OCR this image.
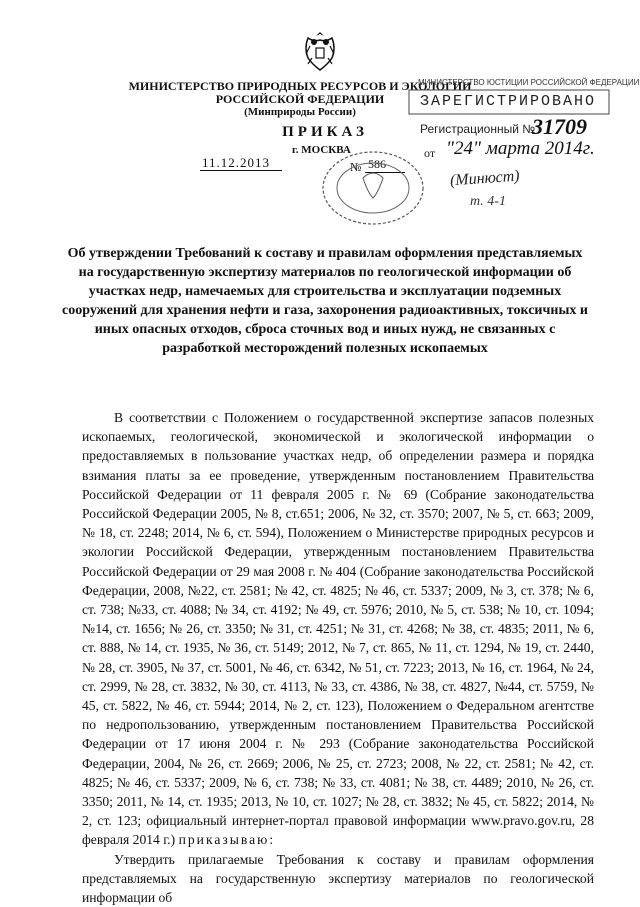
МИНИСТЕРСТВО ПРИРОДНЫХ РЕСУРСОВ И ЭКОЛОГИИ
РОССИЙСКОЙ ФЕДЕРАЦИИ
(Минприроды России)
ПРИКАЗ
г. МОСКВА
11.12.2013	№ 586
МИНИСТЕРСТВО ЮСТИЦИИ РОССИЙСКОЙ ФЕДЕРАЦИИ
ЗАРЕГИСТРИРОВАНО
Регистрационный №
31709
от "24" марта 2014г.
(Минюст)
т. 4-1
Об утверждении Требований к составу и правилам оформления представляемых на государственную экспертизу материалов по геологической информации об участках недр, намечаемых для строительства и эксплуатации подземных сооружений для хранения нефти и газа, захоронения радиоактивных, токсичных и иных опасных отходов, сброса сточных вод и иных нужд, не связанных с разработкой месторождений полезных ископаемых

В соответствии с Положением о государственной экспертизе запасов полезных ископаемых, геологической, экономической и экологической информации о предоставляемых в пользование участках недр, об определении размера и порядка взимания платы за ее проведение, утвержденным постановлением Правительства Российской Федерации от 11 февраля 2005 г. № 69 (Собрание законодательства Российской Федерации 2005, № 8, ст.651; 2006, № 32, ст. 3570; 2007, № 5, ст. 663; 2009, № 18, ст. 2248; 2014, № 6, ст. 594), Положением о Министерстве природных ресурсов и экологии Российской Федерации, утвержденным постановлением Правительства Российской Федерации от 29 мая 2008 г. № 404 (Собрание законодательства Российской Федерации, 2008, №22, ст. 2581; № 42, ст. 4825; № 46, ст. 5337; 2009, № 3, ст. 378; № 6, ст. 738; №33, ст. 4088; № 34, ст. 4192; № 49, ст. 5976; 2010, № 5, ст. 538; № 10, ст. 1094; №14, ст. 1656; № 26, ст. 3350; № 31, ст. 4251; № 31, ст. 4268; № 38, ст. 4835; 2011, № 6, ст. 888, № 14, ст. 1935, № 36, ст. 5149; 2012, № 7, ст. 865, № 11, ст. 1294, № 19, ст. 2440, № 28, ст. 3905, № 37, ст. 5001, № 46, ст. 6342, № 51, ст. 7223; 2013, № 16, ст. 1964, № 24, ст. 2999, № 28, ст. 3832, № 30, ст. 4113, № 33, ст. 4386, № 38, ст. 4827, №44, ст. 5759, № 45, ст. 5822, № 46, ст. 5944; 2014, № 2, ст. 123), Положением о Федеральном агентстве по недропользованию, утвержденным постановлением Правительства Российской Федерации от 17 июня 2004 г. № 293 (Собрание законодательства Российской Федерации, 2004, № 26, ст. 2669; 2006, № 25, ст. 2723; 2008, № 22, ст. 2581; № 42, ст. 4825; № 46, ст. 5337; 2009, № 6, ст. 738; № 33, ст. 4081; № 38, ст. 4489; 2010, № 26, ст. 3350; 2011, № 14, ст. 1935; 2013, № 10, ст. 1027; № 28, ст. 3832; № 45, ст. 5822; 2014, № 2, ст. 123; официальный интернет-портал правовой информации www.pravo.gov.ru, 28 февраля 2014 г.) приказываю:

Утвердить прилагаемые Требования к составу и правилам оформления представляемых на государственную экспертизу материалов по геологической информации об
